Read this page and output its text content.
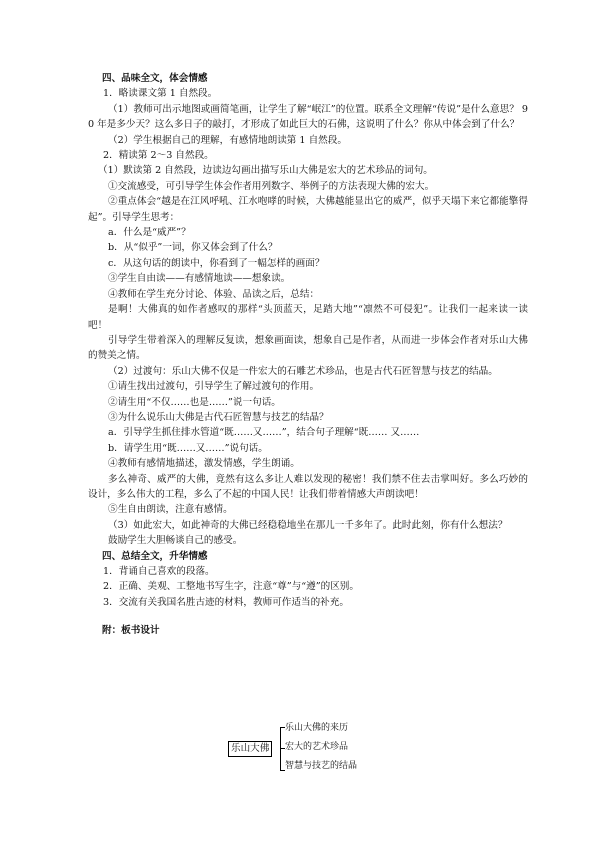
四、品味全文，体会情感

1．略读课文第 1 自然段。

（1）教师可出示地图或画简笔画，让学生了解“岷江”的位置。联系全文理解“传说”是什么意思？ 90 年是多少天？这么多日子的敲打，才形成了如此巨大的石佛，这说明了什么？你从中体会到了什么？

（2）学生根据自己的理解，有感情地朗读第 1 自然段。

2．精读第 2～3 自然段。

（1）默读第 2 自然段，边读边勾画出描写乐山大佛是宏大的艺术珍品的词句。

①交流感受，可引导学生体会作者用列数字、举例子的方法表现大佛的宏大。

②重点体会“越是在江风呼吼、江水咆哮的时候，大佛越能显出它的威严，似乎天塌下来它都能擎得起”。引导学生思考：

a．什么是“威严”？

b．从“似乎”一词，你又体会到了什么？

c．从这句话的朗读中，你看到了一幅怎样的画面？

③学生自由读——有感情地读——想象读。

④教师在学生充分讨论、体验、品读之后，总结：

是啊！大佛真的如作者感叹的那样“头顶蓝天，足踏大地”“凛然不可侵犯”。让我们一起来读一读吧！

引导学生带着深入的理解反复读，想象画面读，想象自己是作者，从而进一步体会作者对乐山大佛的赞美之情。

（2）过渡句：乐山大佛不仅是一件宏大的石雕艺术珍品，也是古代石匠智慧与技艺的结晶。

①请生找出过渡句，引导学生了解过渡句的作用。

②请生用“不仅……也是……”说一句话。

③为什么说乐山大佛是古代石匠智慧与技艺的结晶？

a．引导学生抓住排水管道“既……又……”，结合句子理解“既…… 又……

b．请学生用“既……又……”说句话。

④教师有感情地描述，激发情感，学生朗诵。

多么神奇、威严的大佛，竟然有这么多让人难以发现的秘密！我们禁不住去击掌叫好。多么巧妙的设计，多么伟大的工程，多么了不起的中国人民！让我们带着情感大声朗读吧！

⑤生自由朗读，注意有感情。

（3）如此宏大，如此神奇的大佛已经稳稳地坐在那儿一千多年了。此时此刻，你有什么想法？

鼓励学生大胆畅谈自己的感受。

四、总结全文，升华情感

1．背诵自己喜欢的段落。

2．正确、美观、工整地书写生字，注意“尊”与“遵”的区别。

3．交流有关我国名胜古迹的材料，教师可作适当的补充。

附：板书设计

乐山大佛
乐山大佛的来历
宏大的艺术珍品
智慧与技艺的结晶
